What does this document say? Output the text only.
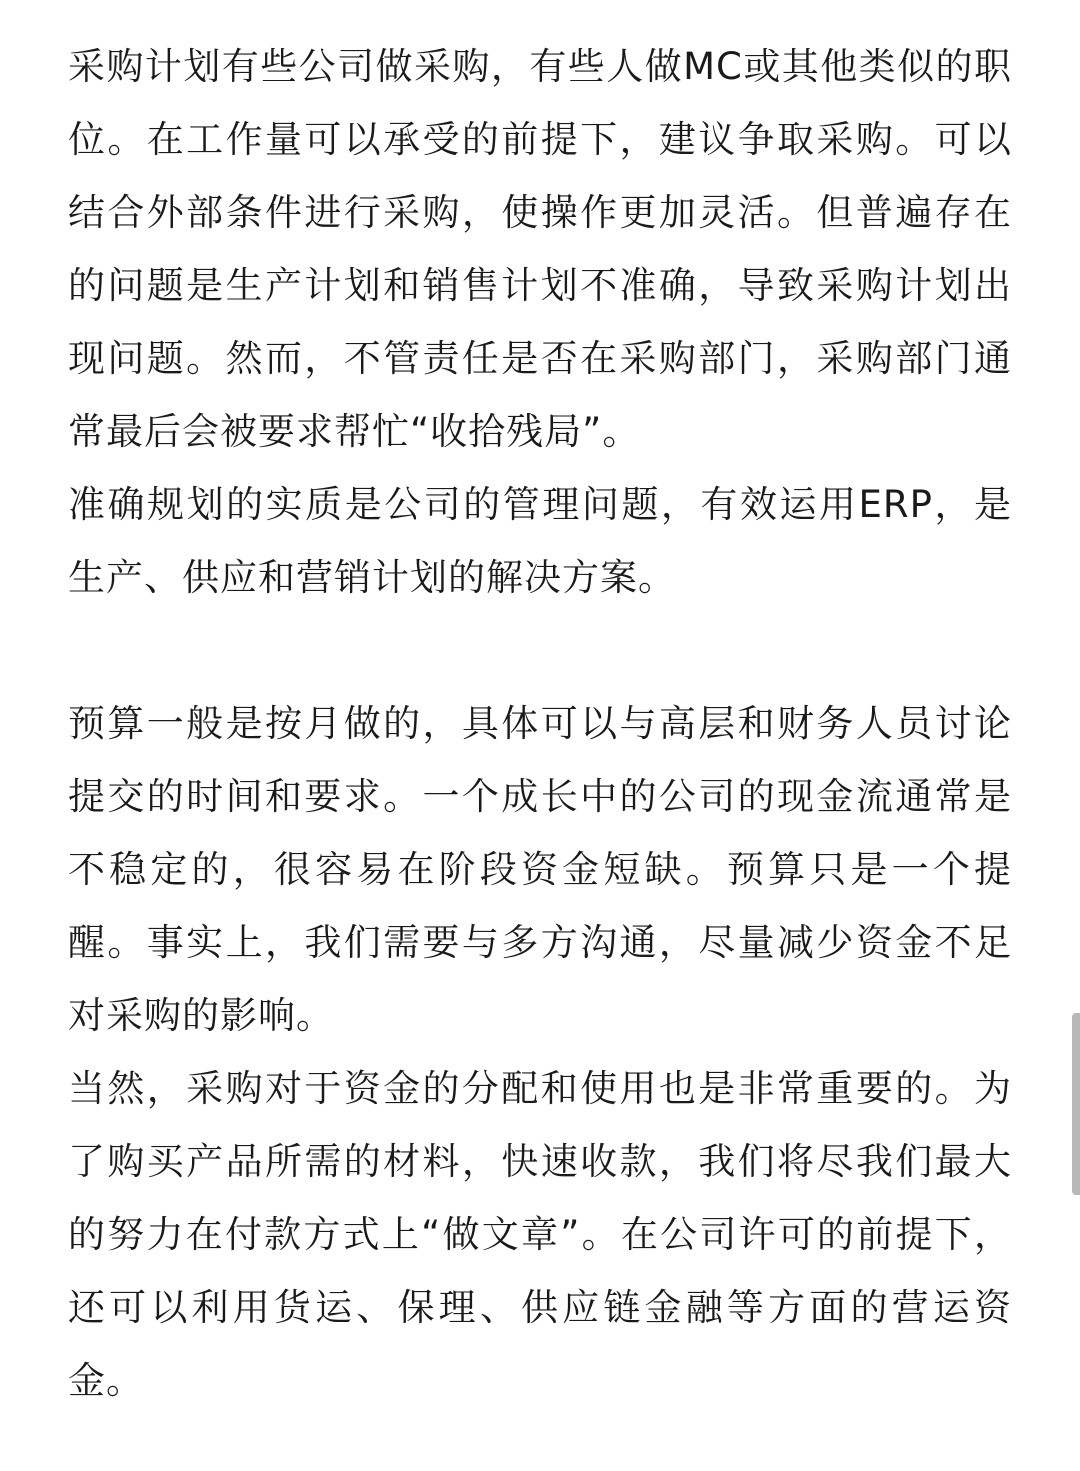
采购计划有些公司做采购，有些人做MC或其他类似的职位。在工作量可以承受的前提下，建议争取采购。可以结合外部条件进行采购，使操作更加灵活。但普遍存在的问题是生产计划和销售计划不准确，导致采购计划出现问题。然而，不管责任是否在采购部门，采购部门通常最后会被要求帮忙“收拾残局”。

准确规划的实质是公司的管理问题，有效运用ERP，是生产、供应和营销计划的解决方案。

预算一般是按月做的，具体可以与高层和财务人员讨论提交的时间和要求。一个成长中的公司的现金流通常是不稳定的，很容易在阶段资金短缺。预算只是一个提醒。事实上，我们需要与多方沟通，尽量减少资金不足对采购的影响。

当然，采购对于资金的分配和使用也是非常重要的。为了购买产品所需的材料，快速收款，我们将尽我们最大的努力在付款方式上“做文章”。在公司许可的前提下，还可以利用货运、保理、供应链金融等方面的营运资金。
